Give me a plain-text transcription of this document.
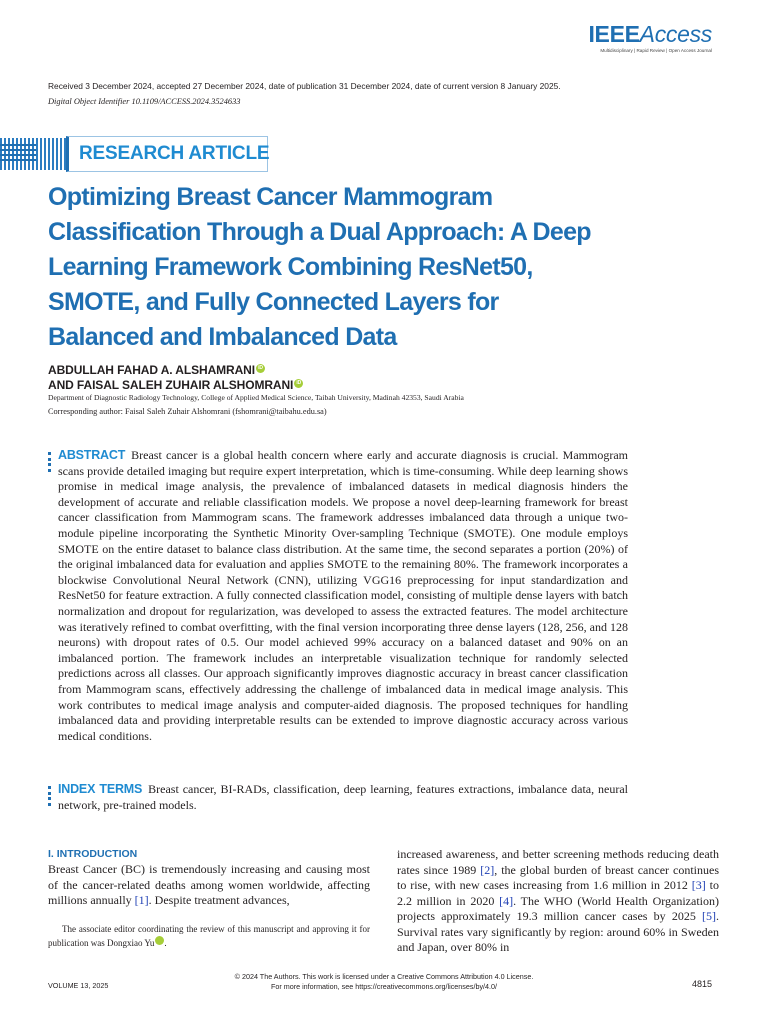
IEEEAccess
Multidisciplinary | Rapid Review | Open Access Journal
Received 3 December 2024, accepted 27 December 2024, date of publication 31 December 2024, date of current version 8 January 2025.
Digital Object Identifier 10.1109/ACCESS.2024.3524633
RESEARCH ARTICLE
Optimizing Breast Cancer Mammogram
Classification Through a Dual Approach: A Deep
Learning Framework Combining ResNet50,
SMOTE, and Fully Connected Layers for
Balanced and Imbalanced Data
ABDULLAH FAHAD A. ALSHAMRANI iD
AND FAISAL SALEH ZUHAIR ALSHOMRANI iD
Department of Diagnostic Radiology Technology, College of Applied Medical Science, Taibah University, Madinah 42353, Saudi Arabia
Corresponding author: Faisal Saleh Zuhair Alshomrani (fshomrani@taibahu.edu.sa)
ABSTRACT Breast cancer is a global health concern where early and accurate diagnosis is crucial. Mammogram scans provide detailed imaging but require expert interpretation, which is time-consuming. While deep learning shows promise in medical image analysis, the prevalence of imbalanced datasets in medical diagnosis hinders the development of accurate and reliable classification models. We propose a novel deep-learning framework for breast cancer classification from Mammogram scans. The framework addresses imbalanced data through a unique two-module pipeline incorporating the Synthetic Minority Over-sampling Technique (SMOTE). One module employs SMOTE on the entire dataset to balance class distribution. At the same time, the second separates a portion (20%) of the original imbalanced data for evaluation and applies SMOTE to the remaining 80%. The framework incorporates a blockwise Convolutional Neural Network (CNN), utilizing VGG16 preprocessing for input standardization and ResNet50 for feature extraction. A fully connected classification model, consisting of multiple dense layers with batch normalization and dropout for regularization, was developed to assess the extracted features. The model architecture was iteratively refined to combat overfitting, with the final version incorporating three dense layers (128, 256, and 128 neurons) with dropout rates of 0.5. Our model achieved 99% accuracy on a balanced dataset and 90% on an imbalanced portion. The framework includes an interpretable visualization technique for randomly selected predictions across all classes. Our approach significantly improves diagnostic accuracy in breast cancer classification from Mammogram scans, effectively addressing the challenge of imbalanced data in medical image analysis. This work contributes to medical image analysis and computer-aided diagnosis. The proposed techniques for handling imbalanced data and providing interpretable results can be extended to improve diagnostic accuracy across various medical conditions.
INDEX TERMS Breast cancer, BI-RADs, classification, deep learning, features extractions, imbalance data, neural network, pre-trained models.
I. INTRODUCTION

Breast Cancer (BC) is tremendously increasing and causing most of the cancer-related deaths among women worldwide, affecting millions annually [1]. Despite treatment advances,

The associate editor coordinating the review of this manuscript and approving it for publication was Dongxiao Yu	iD.

increased awareness, and better screening methods reducing death rates since 1989 [2], the global burden of breast cancer continues to rise, with new cases increasing from 1.6 million in 2012 [3] to 2.2 million in 2020 [4]. The WHO (World Health Organization) projects approximately 19.3 million cancer cases by 2025 [5]. Survival rates vary significantly by region: around 60% in Sweden and Japan, over 80% in

© 2024 The Authors. This work is licensed under a Creative Commons Attribution 4.0 License.
For more information, see https://creativecommons.org/licenses/by/4.0/
VOLUME 13, 2025	4815
